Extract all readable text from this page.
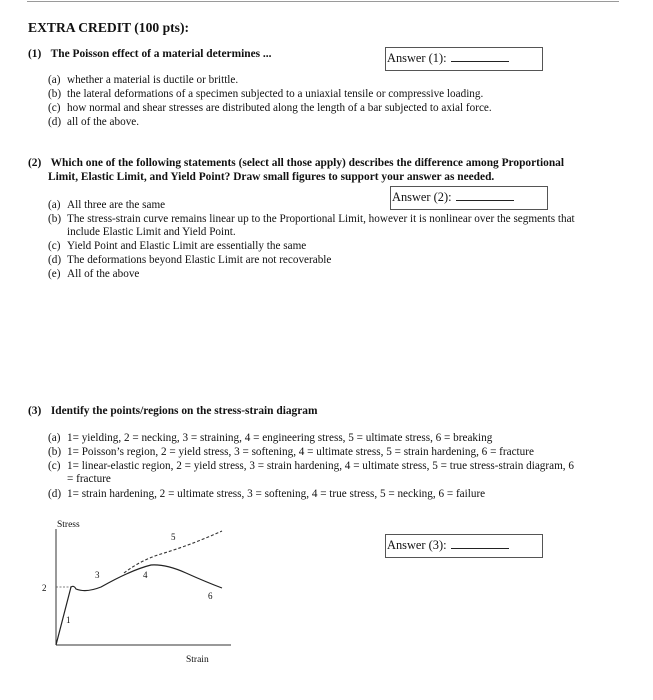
EXTRA CREDIT (100 pts):
(1) The Poisson effect of a material determines ...	Answer (1):
(a) whether a material is ductile or brittle.
(b) the lateral deformations of a specimen subjected to a uniaxial tensile or compressive loading.
(c) how normal and shear stresses are distributed along the length of a bar subjected to axial force.
(d) all of the above.
(2) Which one of the following statements (select all those apply) describes the difference among Proportional
Limit, Elastic Limit, and Yield Point? Draw small figures to support your answer as needed.
Answer (2):
(a) All three are the same
(b) The stress-strain curve remains linear up to the Proportional Limit, however it is nonlinear over the segments that
include Elastic Limit and Yield Point.
(c) Yield Point and Elastic Limit are essentially the same
(d) The deformations beyond Elastic Limit are not recoverable
(e) All of the above
(3) Identify the points/regions on the stress-strain diagram
(a) 1= yielding, 2 = necking, 3 = straining, 4 = engineering stress, 5 = ultimate stress, 6 = breaking
(b) 1= Poisson’s region, 2 = yield stress, 3 = softening, 4 = ultimate stress, 5 = strain hardening, 6 = fracture
(c) 1= linear-elastic region, 2 = yield stress, 3 = strain hardening, 4 = ultimate stress, 5 = true stress-strain diagram, 6
= fracture
(d) 1= strain hardening, 2 = ultimate stress, 3 = softening, 4 = true stress, 5 = necking, 6 = failure
Answer (3):
Stress
Strain
1
2
3	4
5
6
